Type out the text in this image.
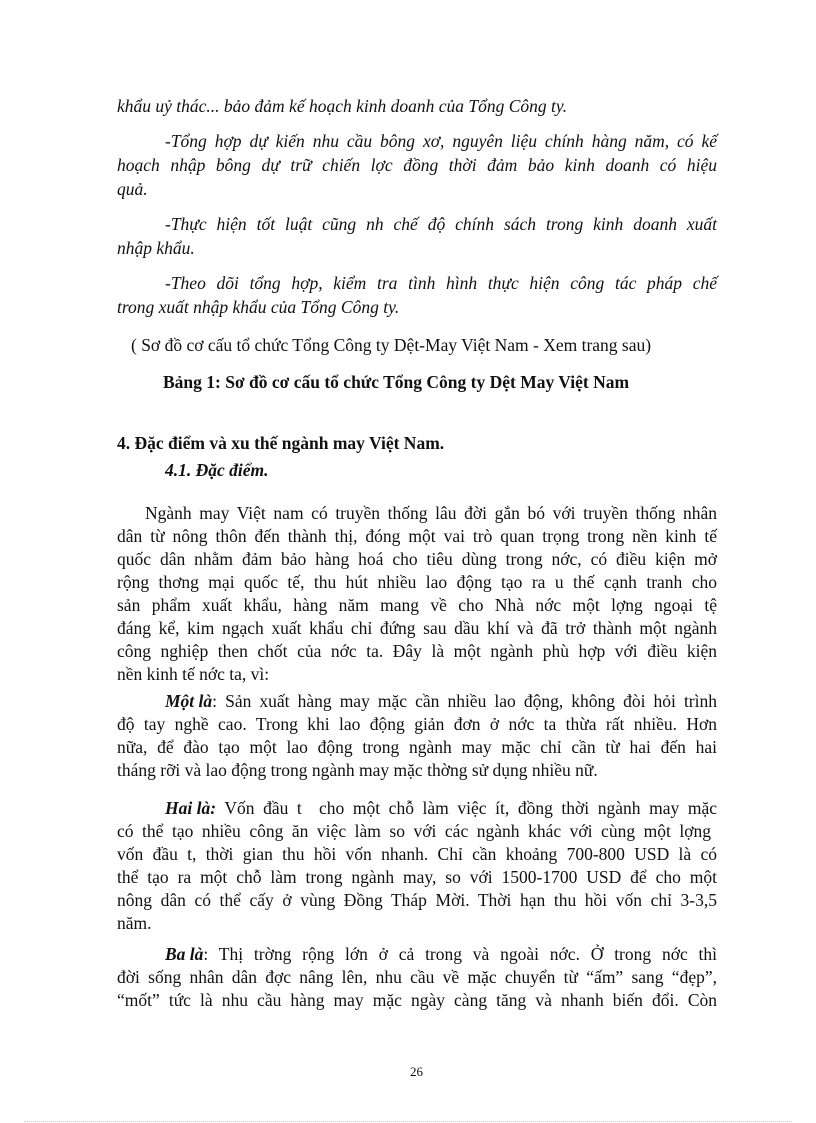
khẩu uỷ thác... bảo đảm kế hoạch kinh doanh của Tổng Công ty.
-Tổng hợp dự kiến nhu cầu bông xơ, nguyên liệu chính hàng năm, có kế
hoạch nhập bông dự trữ chiến lợc đồng thời đảm bảo kinh doanh có hiệu
quả.
-Thực hiện tốt luật cũng nh chế độ chính sách trong kinh doanh xuất
nhập khẩu.
-Theo dõi tổng hợp, kiểm tra tình hình thực hiện công tác pháp chế
trong xuất nhập khẩu của Tổng Công ty.
( Sơ đồ cơ cấu tổ chức Tổng Công ty Dệt-May Việt Nam - Xem trang sau)
Bảng 1: Sơ đồ cơ cấu tổ chức Tổng Công ty Dệt May Việt Nam
4. Đặc điểm và xu thế ngành may Việt Nam.
4.1. Đặc điểm.
Ngành may Việt nam có truyền thống lâu đời gắn bó với truyền thống nhân
dân từ nông thôn đến thành thị, đóng một vai trò quan trọng trong nền kinh tế
quốc dân nhằm đảm bảo hàng hoá cho tiêu dùng trong nớc, có điều kiện mở
rộng thơng mại quốc tế, thu hút nhiều lao động tạo ra u thế cạnh tranh cho
sản phẩm xuất khẩu, hàng năm mang về cho Nhà nớc một lợng ngoại tệ
đáng kể, kim ngạch xuất khẩu chỉ đứng sau dầu khí và đã trở thành một ngành
công nghiệp then chốt của nớc ta. Đây là một ngành phù hợp với điều kiện
nền kinh tế nớc ta, vì:
Một là : Sản xuất hàng may mặc cần nhiều lao động, không đòi hỏi trình
độ tay nghề cao. Trong khi lao động giản đơn ở nớc ta thừa rất nhiều. Hơn
nữa, để đào tạo một lao động trong ngành may mặc chỉ cần từ hai đến hai
tháng rỡi và lao động trong ngành may mặc thờng sử dụng nhiều nữ.
Hai là: Vốn đầu t  cho một chỗ làm việc ít, đồng thời ngành may mặc
có thể tạo nhiều công ăn việc làm so với các ngành khác với cùng một lợng
vốn đầu t, thời gian thu hồi vốn nhanh. Chỉ cần khoảng 700-800 USD là có
thể tạo ra một chỗ làm trong ngành may, so với 1500-1700 USD để cho một
nông dân có thể cấy ở vùng Đồng Tháp Mời. Thời hạn thu hồi vốn chỉ 3-3,5
năm.
Ba là : Thị trờng rộng lớn ở cả trong và ngoài nớc. Ở trong nớc thì
đời sống nhân dân đợc nâng lên, nhu cầu về mặc chuyển từ “ấm” sang “đẹp”,
“mốt” tức là nhu cầu hàng may mặc ngày càng tăng và nhanh biến đổi. Còn
26
